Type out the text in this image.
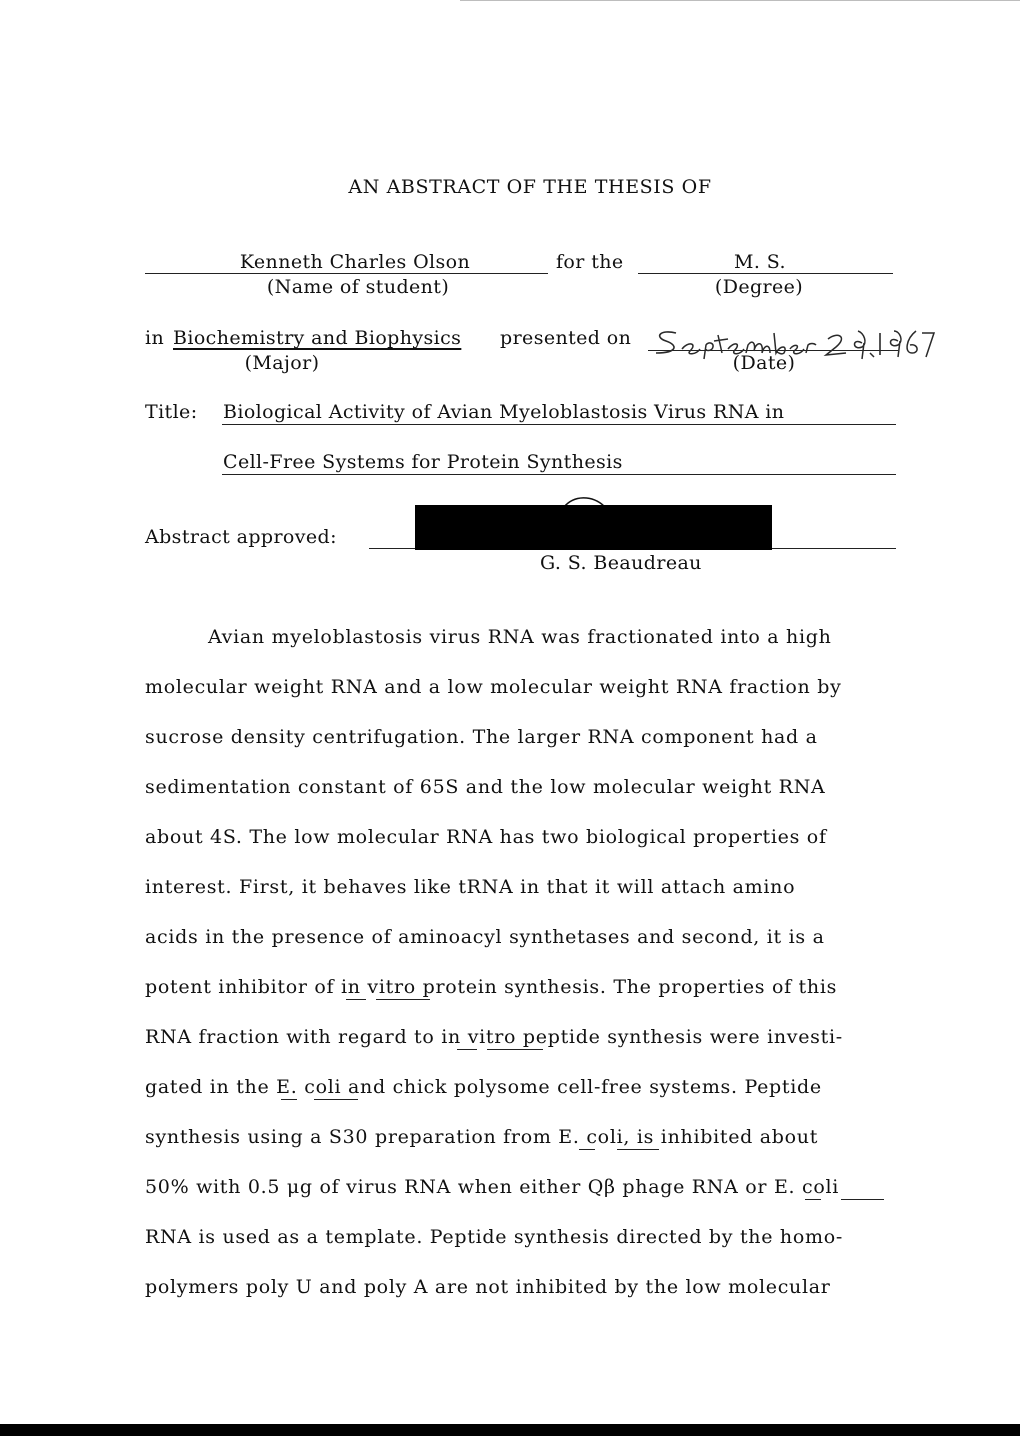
AN ABSTRACT OF THE THESIS OF
Kenneth Charles Olson	for the	M. S.
(Name of student)	(Degree)
in Biochemistry and Biophysics presented on
(Major)	(Date)
Title: Biological Activity of Avian Myeloblastosis Virus RNA in
Cell-Free Systems for Protein Synthesis
Abstract approved:
G. S. Beaudreau
Avian myeloblastosis virus RNA was fractionated into a high
molecular weight RNA and a low molecular weight RNA fraction by
sucrose density centrifugation. The larger RNA component had a
sedimentation constant of 65S and the low molecular weight RNA
about 4S. The low molecular RNA has two biological properties of
interest. First, it behaves like tRNA in that it will attach amino
acids in the presence of aminoacyl synthetases and second, it is a
potent inhibitor of in vitro protein synthesis. The properties of this
RNA fraction with regard to in vitro peptide synthesis were investi-
gated in the E. coli and chick polysome cell-free systems. Peptide
synthesis using a S30 preparation from E. coli, is inhibited about
50% with 0.5 μg of virus RNA when either Qβ phage RNA or E. coli
RNA is used as a template. Peptide synthesis directed by the homo-
polymers poly U and poly A are not inhibited by the low molecular
